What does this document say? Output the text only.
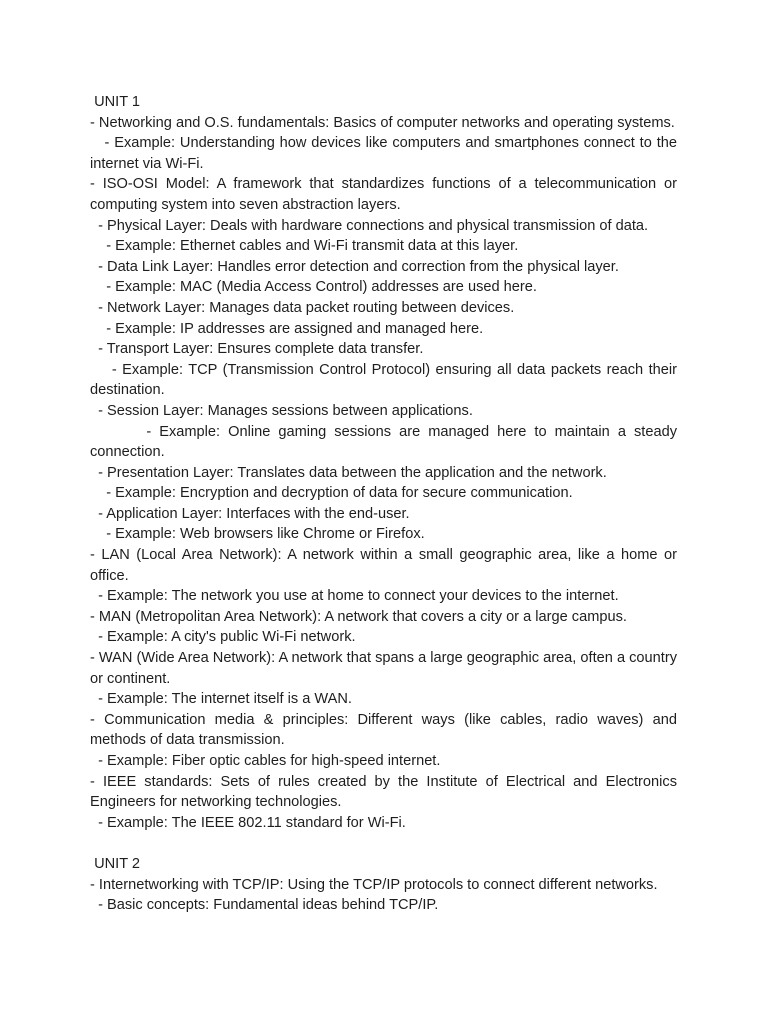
UNIT 1

- Networking and O.S. fundamentals: Basics of computer networks and operating systems.

- Example: Understanding how devices like computers and smartphones connect to the internet via Wi-Fi.

- ISO-OSI Model: A framework that standardizes functions of a telecommunication or computing system into seven abstraction layers.

- Physical Layer: Deals with hardware connections and physical transmission of data.

- Example: Ethernet cables and Wi-Fi transmit data at this layer.

- Data Link Layer: Handles error detection and correction from the physical layer.

- Example: MAC (Media Access Control) addresses are used here.

- Network Layer: Manages data packet routing between devices.

- Example: IP addresses are assigned and managed here.

- Transport Layer: Ensures complete data transfer.

- Example: TCP (Transmission Control Protocol) ensuring all data packets reach their destination.

- Session Layer: Manages sessions between applications.

- Example: Online gaming sessions are managed here to maintain a steady connection.

- Presentation Layer: Translates data between the application and the network.

- Example: Encryption and decryption of data for secure communication.

- Application Layer: Interfaces with the end-user.

- Example: Web browsers like Chrome or Firefox.

- LAN (Local Area Network): A network within a small geographic area, like a home or office.

- Example: The network you use at home to connect your devices to the internet.

- MAN (Metropolitan Area Network): A network that covers a city or a large campus.

- Example: A city's public Wi-Fi network.

- WAN (Wide Area Network): A network that spans a large geographic area, often a country or continent.

- Example: The internet itself is a WAN.

- Communication media & principles: Different ways (like cables, radio waves) and methods of data transmission.

- Example: Fiber optic cables for high-speed internet.

- IEEE standards: Sets of rules created by the Institute of Electrical and Electronics Engineers for networking technologies.

- Example: The IEEE 802.11 standard for Wi-Fi.

UNIT 2

- Internetworking with TCP/IP: Using the TCP/IP protocols to connect different networks.

- Basic concepts: Fundamental ideas behind TCP/IP.
